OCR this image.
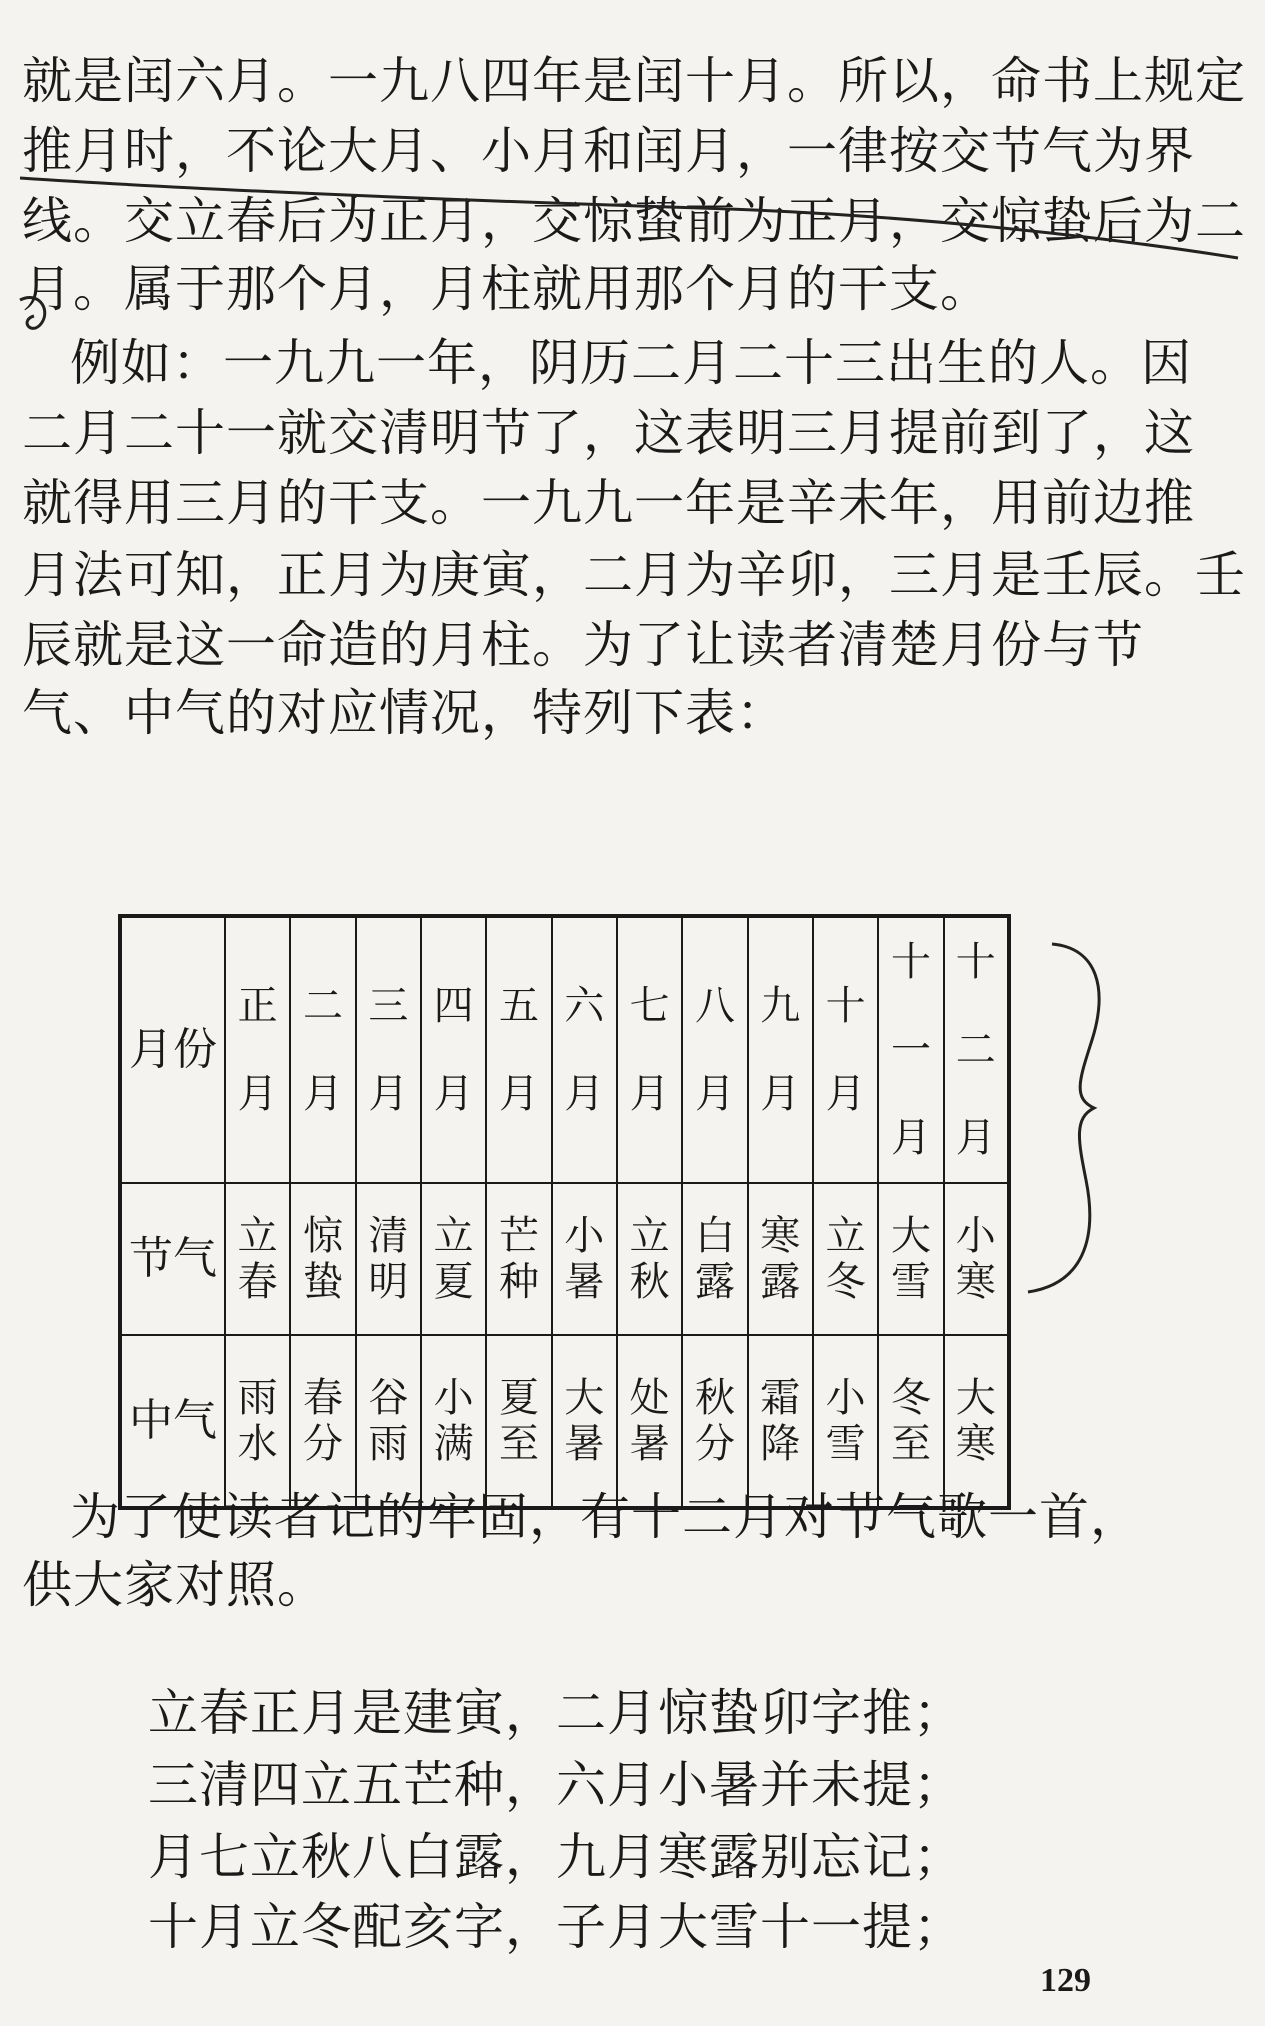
就是闰六月。一九八四年是闰十月。所以，命书上规定
推月时，不论大月、小月和闰月，一律按交节气为界
线。交立春后为正月，交惊蛰前为正月，交惊蛰后为二
月。属于那个月，月柱就用那个月的干支。
例如：一九九一年，阴历二月二十三出生的人。因
二月二十一就交清明节了，这表明三月提前到了，这
就得用三月的干支。一九九一年是辛未年，用前边推
月法可知，正月为庚寅，二月为辛卯，三月是壬辰。壬
辰就是这一命造的月柱。为了让读者清楚月份与节
气、中气的对应情况，特列下表：
月份	正月	二月	三月	四月	五月	六月	七月	八月	九月	十月	十一月	十二月
节气	立春	惊蛰	清明	立夏	芒种	小暑	立秋	白露	寒露	立冬	大雪	小寒
中气	雨水	春分	谷雨	小满	夏至	大暑	处暑	秋分	霜降	小雪	冬至	大寒
为了使读者记的牢固，有十二月对节气歌一首，
供大家对照。
立春正月是建寅，二月惊蛰卯字推；
三清四立五芒种，六月小暑并未提；
月七立秋八白露，九月寒露别忘记；
十月立冬配亥字，子月大雪十一提；
129
